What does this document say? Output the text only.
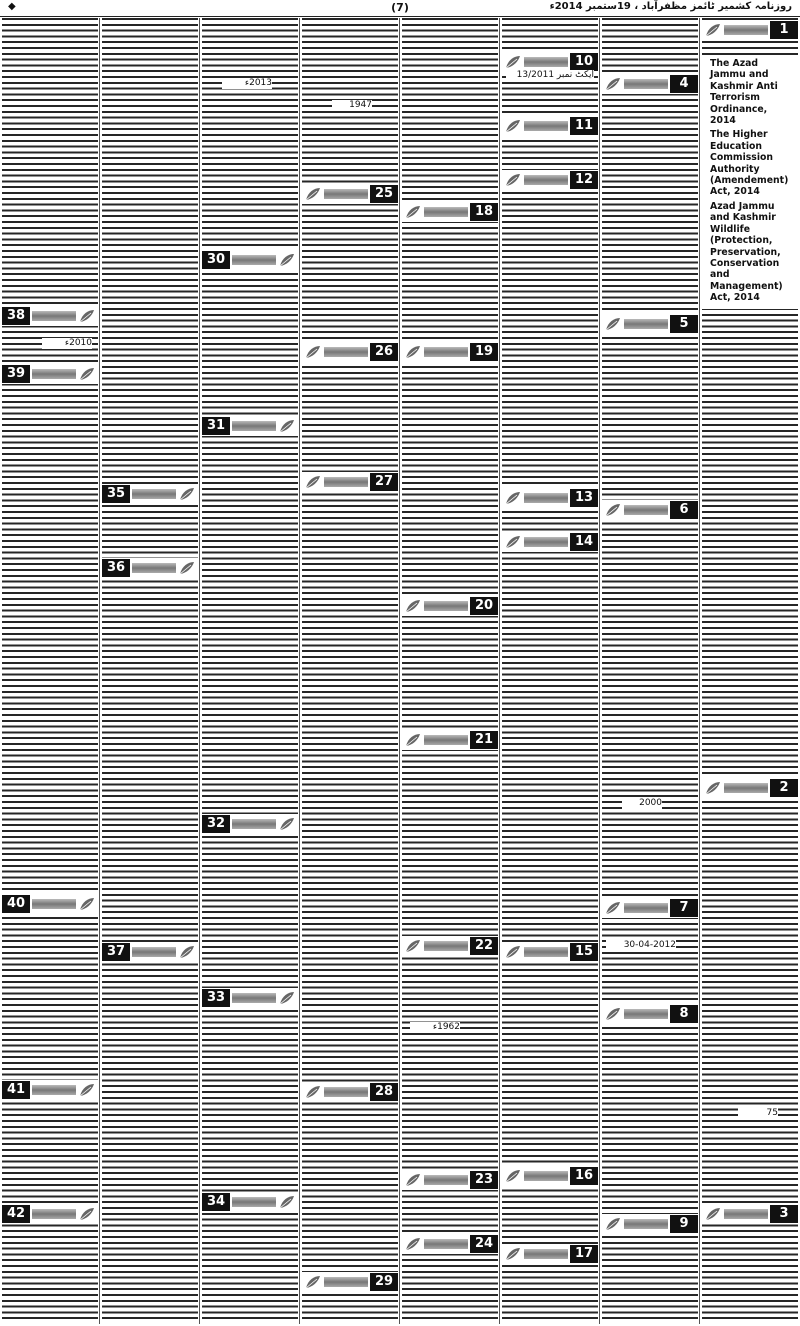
◆	(7)	روزنامہ کشمیر ٹائمز مظفرآباد ، 19ستمبر 2014ء
1

The Azad Jammu and Kashmir Anti Terrorism Ordinance, 2014

The Higher Education Commission Authority (Amendement) Act, 2014

Azad Jammu and Kashmir Wildlife (Protection, Preservation, Conservation and Management) Act, 2014

2
3
75
4
5
6
7
8
9
30-04-2012
2000
10
11
12
13
14
15
16
17
ایکٹ نمبر 13/2011
18
19
20
21
22
23
24
1962ء
25
26
27
28
29
1947
30
31
32
33
34
2013ء
35
36
37
38
39
40
41
42
2010ء
